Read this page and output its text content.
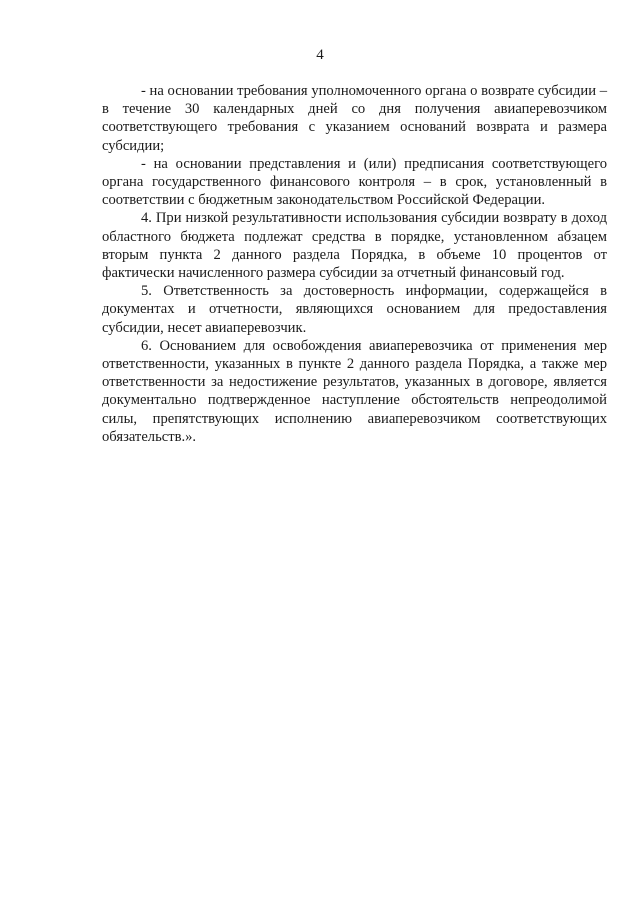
4

- на основании требования уполномоченного органа о возврате субсидии – в течение 30 календарных дней со дня получения авиаперевозчиком соответствующего требования с указанием оснований возврата и размера субсидии;

- на основании представления и (или) предписания соответствующего органа государственного финансового контроля – в срок, установленный в соответствии с бюджетным законодательством Российской Федерации.

4. При низкой результативности использования субсидии возврату в доход областного бюджета подлежат средства в порядке, установленном абзацем вторым пункта 2 данного раздела Порядка, в объеме 10 процентов от фактически начисленного размера субсидии за отчетный финансовый год.

5. Ответственность за достоверность информации, содержащейся в документах и отчетности, являющихся основанием для предоставления субсидии, несет авиаперевозчик.

6. Основанием для освобождения авиаперевозчика от применения мер ответственности, указанных в пункте 2 данного раздела Порядка, а также мер ответственности за недостижение результатов, указанных в договоре, является документально подтвержденное наступление обстоятельств непреодолимой силы, препятствующих исполнению авиаперевозчиком соответствующих обязательств.».
